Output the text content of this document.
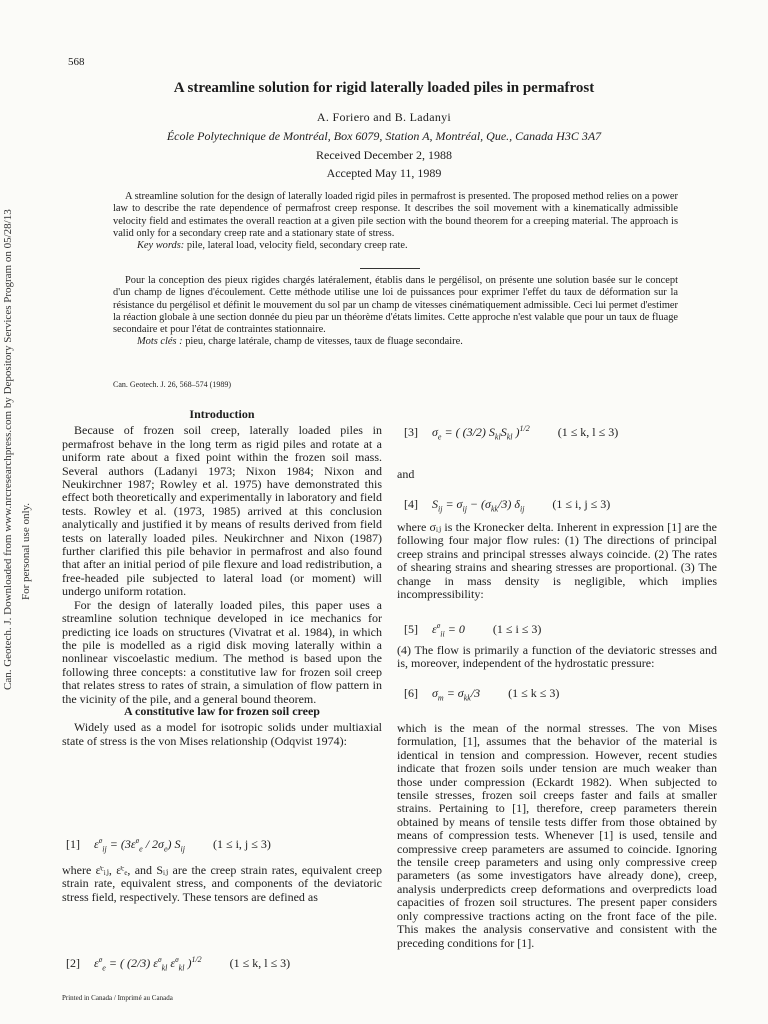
568
Can. Geotech. J. Downloaded from www.nrcresearchpress.com by Depository Services Program on 05/28/13 For personal use only.
A streamline solution for rigid laterally loaded piles in permafrost
A. Foriero and B. Ladanyi
École Polytechnique de Montréal, Box 6079, Station A, Montréal, Que., Canada H3C 3A7
Received December 2, 1988
Accepted May 11, 1989

A streamline solution for the design of laterally loaded rigid piles in permafrost is presented. The proposed method relies on a power law to describe the rate dependence of permafrost creep response. It describes the soil movement with a kinematically admissible velocity field and estimates the overall reaction at a given pile section with the bound theorem for a creeping material. The approach is valid only for a secondary creep rate and a stationary state of stress.

Key words: pile, lateral load, velocity field, secondary creep rate.

Pour la conception des pieux rigides chargés latéralement, établis dans le pergélisol, on présente une solution basée sur le concept d'un champ de lignes d'écoulement. Cette méthode utilise une loi de puissances pour exprimer l'effet du taux de déformation sur la résistance du pergélisol et définit le mouvement du sol par un champ de vitesses cinématiquement admissible. Ceci lui permet d'estimer la réaction globale à une section donnée du pieu par un théorème d'états limites. Cette approche n'est valable que pour un taux de fluage secondaire et pour l'état de contraintes stationnaire.

Mots clés : pieu, charge latérale, champ de vitesses, taux de fluage secondaire.

Can. Geotech. J. 26, 568–574 (1989)
Introduction

Because of frozen soil creep, laterally loaded piles in permafrost behave in the long term as rigid piles and rotate at a uniform rate about a fixed point within the frozen soil mass. Several authors (Ladanyi 1973; Nixon 1984; Nixon and Neukirchner 1987; Rowley et al. 1975) have demonstrated this effect both theoretically and experimentally in laboratory and field tests. Rowley et al. (1973, 1985) arrived at this conclusion analytically and justified it by means of results derived from field tests on laterally loaded piles. Neukirchner and Nixon (1987) further clarified this pile behavior in permafrost and also found that after an initial period of pile flexure and load redistribution, a free-headed pile subjected to lateral load (or moment) will undergo uniform rotation.

For the design of laterally loaded piles, this paper uses a streamline solution technique developed in ice mechanics for predicting ice loads on structures (Vivatrat et al. 1984), in which the pile is modelled as a rigid disk moving laterally within a nonlinear viscoelastic medium. The method is based upon the following three concepts: a constitutive law for frozen soil creep that relates stress to rates of strain, a simulation of flow pattern in the vicinity of the pile, and a general bound theorem.

A constitutive law for frozen soil creep

Widely used as a model for isotropic solids under multiaxial state of stress is the von Mises relationship (Odqvist 1974):

[1] ε̇$^c_{ij}$ = (3ε̇$^c_e$ / $2\sigma_e$) $S_{ij}$ (1 ≤ i, j ≤ 3)

where ε̇ᶜᵢⱼ, ε̇ᶜₑ, and Sᵢⱼ are the creep strain rates, equivalent creep strain rate, equivalent stress, and components of the deviatoric stress field, respectively. These tensors are defined as

[2] ε̇$^c_e$ = ( (2/3) ε̇$^c_{kl}$ ε̇$^c_{kl}$ )$^{1/2}$ (1 ≤ k, l ≤ 3)
[3] $\sigma_e$ = ( (3/2) $S_{kl}S_{kl}$ )$^{1/2}$ (1 ≤ k, l ≤ 3)
and
[4] $S_{ij} = \sigma_{ij} - (\sigma_{kk}/3)$ $\delta_{ij}$ (1 ≤ i, j ≤ 3)

where σᵢⱼ is the Kronecker delta. Inherent in expression [1] are the following four major flow rules: (1) The directions of principal creep strains and principal stresses always coincide. (2) The rates of shearing strains and shearing stresses are proportional. (3) The change in mass density is negligible, which implies incompressibility:

[5] ε̇$^c_{ii}$ = 0 (1 ≤ i ≤ 3)

(4) The flow is primarily a function of the deviatoric stresses and is, moreover, independent of the hydrostatic pressure:

[6] $\sigma_m = \sigma_{kk}/3$ (1 ≤ k ≤ 3)

which is the mean of the normal stresses. The von Mises formulation, [1], assumes that the behavior of the material is identical in tension and compression. However, recent studies indicate that frozen soils under tension are much weaker than those under compression (Eckardt 1982). When subjected to tensile stresses, frozen soil creeps faster and fails at smaller strains. Pertaining to [1], therefore, creep parameters therein obtained by means of tensile tests differ from those obtained by means of compression tests. Whenever [1] is used, tensile and compressive creep parameters are assumed to coincide. Ignoring the tensile creep parameters and using only compressive creep parameters (as some investigators have already done), creep, analysis underpredicts creep deformations and overpredicts load capacities of frozen soil structures. The present paper considers only compressive tractions acting on the front face of the pile. This makes the analysis conservative and consistent with the preceding conditions for [1].

Printed in Canada / Imprimé au Canada
